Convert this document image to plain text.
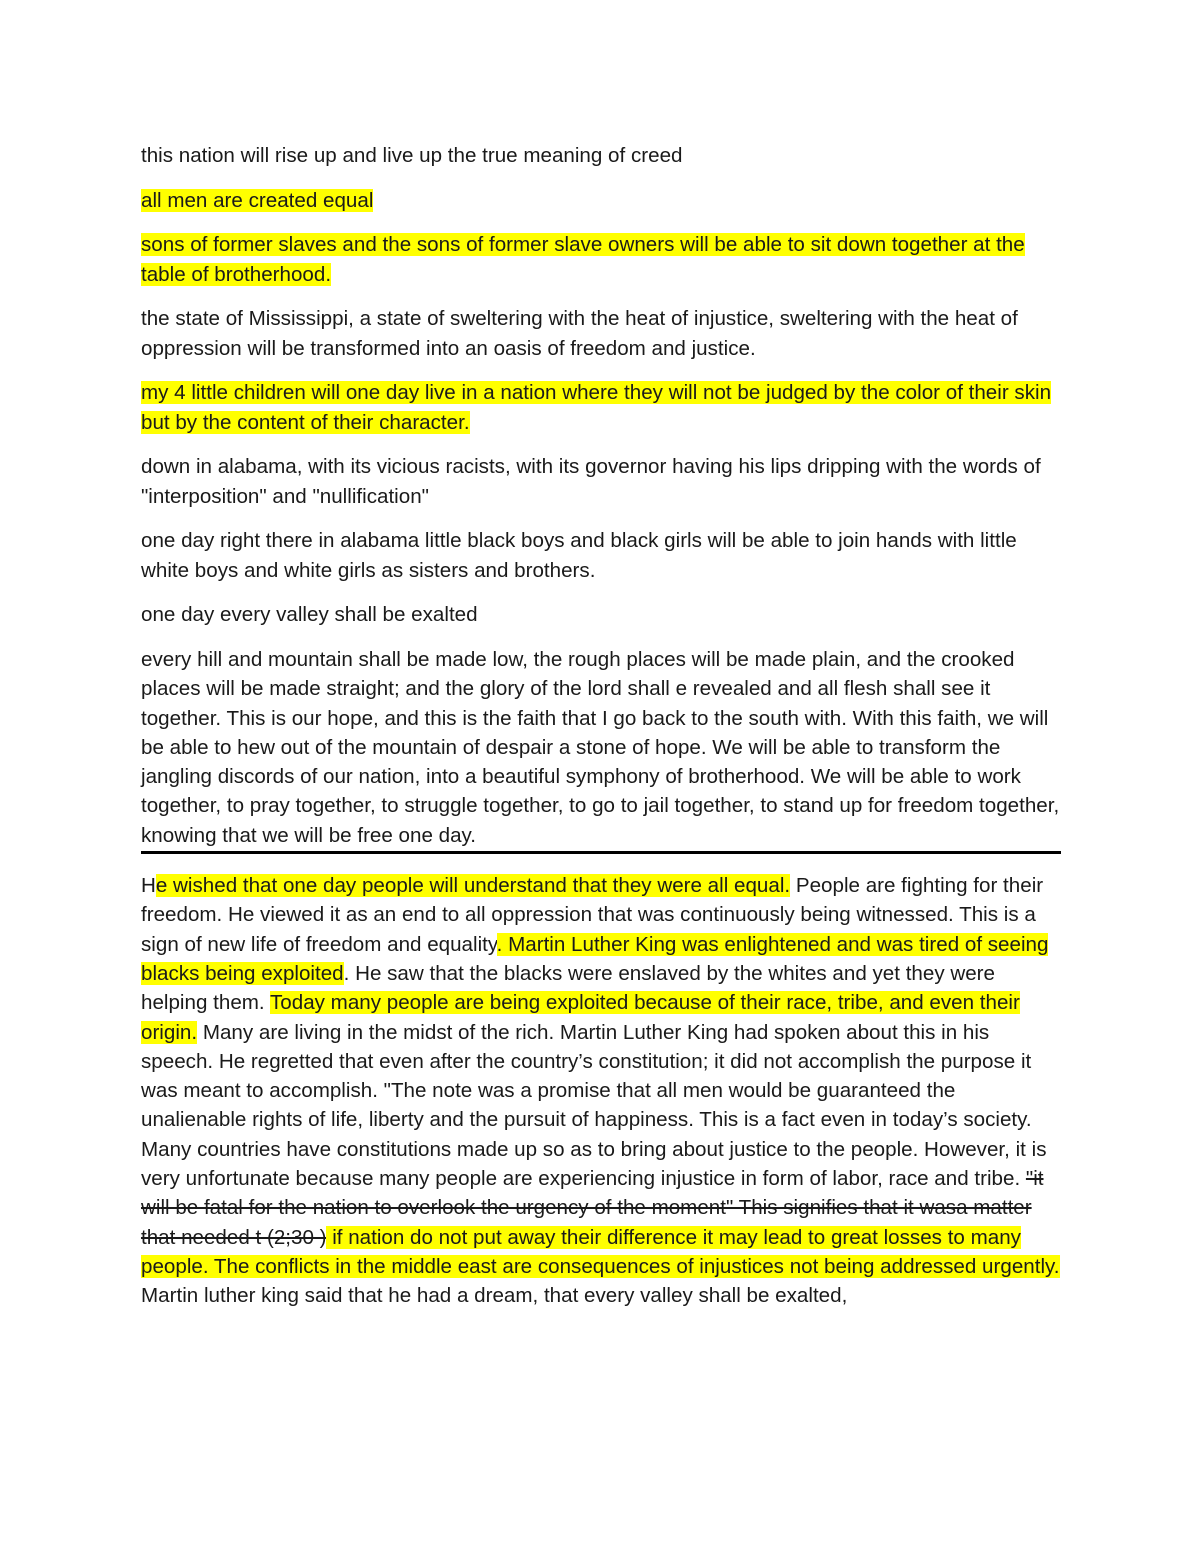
this nation will rise up and live up the true meaning of creed

all men are created equal

sons of former slaves and the sons of former slave owners will be able to sit down together at the table of brotherhood.

the state of Mississippi, a state of sweltering with the heat of injustice, sweltering with the heat of oppression will be transformed into an oasis of freedom and justice.

my 4 little children will one day live in a nation where they will not be judged by the color of their skin but by the content of their character.

down in alabama, with its vicious racists, with its governor having his lips dripping with the words of "interposition" and "nullification"

one day right there in alabama little black boys and black girls will be able to join hands with little white boys and white girls as sisters and brothers.

one day every valley shall be exalted

every hill and mountain shall be made low, the rough places will be made plain, and the crooked places will be made straight; and the glory of the lord shall e revealed and all flesh shall see it together. This is our hope, and this is the faith that I go back to the south with. With this faith, we will be able to hew out of the mountain of despair a stone of hope. We will be able to transform the jangling discords of our nation, into a beautiful symphony of brotherhood. We will be able to work together, to pray together, to struggle together, to go to jail together, to stand up for freedom together, knowing that we will be free one day.

He wished that one day people will understand that they were all equal. People are fighting for their freedom. He viewed it as an end to all oppression that was continuously being witnessed. This is a sign of new life of freedom and equality. Martin Luther King was enlightened and was tired of seeing blacks being exploited. He saw that the blacks were enslaved by the whites and yet they were helping them. Today many people are being exploited because of their race, tribe, and even their origin. Many are living in the midst of the rich. Martin Luther King had spoken about this in his speech. He regretted that even after the country’s constitution; it did not accomplish the purpose it was meant to accomplish. "The note was a promise that all men would be guaranteed the unalienable rights of life, liberty and the pursuit of happiness. This is a fact even in today’s society. Many countries have constitutions made up so as to bring about justice to the people. However, it is very unfortunate because many people are experiencing injustice in form of labor, race and tribe. "it will be fatal for the nation to overlook the urgency of the moment" This signifies that it wasa matter that needed t (2;30 ) if nation do not put away their difference it may lead to great losses to many people. The conflicts in the middle east are consequences of injustices not being addressed urgently. Martin luther king said that he had a dream, that every valley shall be exalted,
